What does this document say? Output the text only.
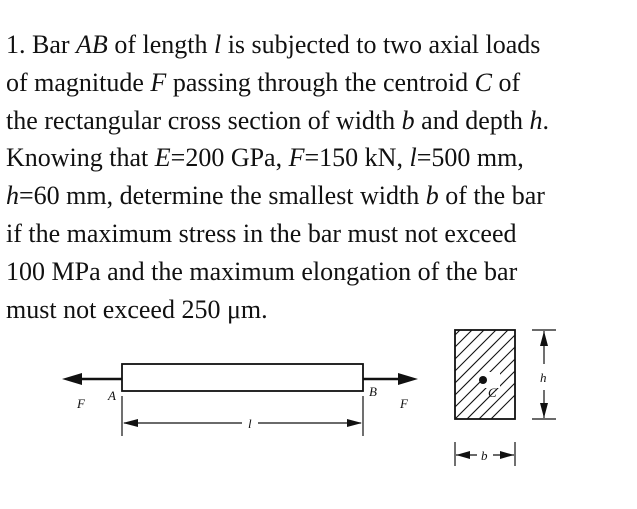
1. Bar AB of length l is subjected to two axial loads
of magnitude F passing through the centroid C of
the rectangular cross section of width b and depth h.
Knowing that E=200 GPa, F=150 kN, l=500 mm,
h=60 mm, determine the smallest width b of the bar
if the maximum stress in the bar must not exceed
100 MPa and the maximum elongation of the bar
must not exceed 250 μm.
F
A	B
F
l
C
h
b
